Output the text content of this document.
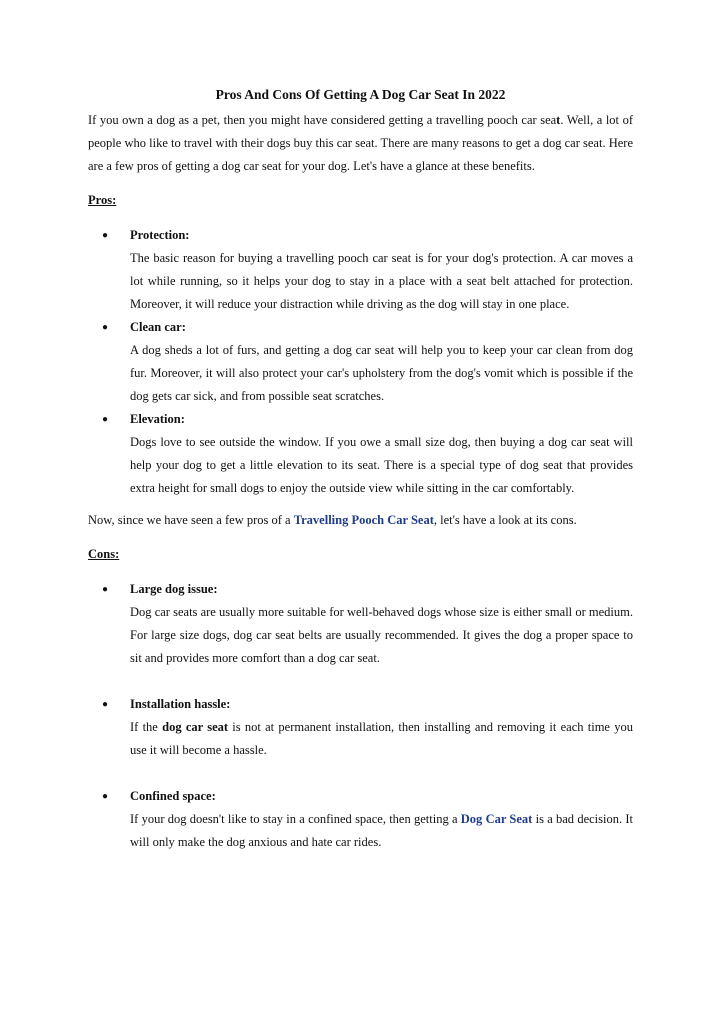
Pros And Cons Of Getting A Dog Car Seat In 2022

If you own a dog as a pet, then you might have considered getting a travelling pooch car seat. Well, a lot of people who like to travel with their dogs buy this car seat. There are many reasons to get a dog car seat. Here are a few pros of getting a dog car seat for your dog. Let's have a glance at these benefits.

Pros:
●	Protection:
The basic reason for buying a travelling pooch car seat is for your dog's protection. A car moves a lot while running, so it helps your dog to stay in a place with a seat belt attached for protection. Moreover, it will reduce your distraction while driving as the dog will stay in one place.
●	Clean car:
A dog sheds a lot of furs, and getting a dog car seat will help you to keep your car clean from dog fur. Moreover, it will also protect your car's upholstery from the dog's vomit which is possible if the dog gets car sick, and from possible seat scratches.
●	Elevation:
Dogs love to see outside the window. If you owe a small size dog, then buying a dog car seat will help your dog to get a little elevation to its seat. There is a special type of dog seat that provides extra height for small dogs to enjoy the outside view while sitting in the car comfortably.

Now, since we have seen a few pros of a Travelling Pooch Car Seat, let's have a look at its cons.

Cons:
●	Large dog issue:
Dog car seats are usually more suitable for well-behaved dogs whose size is either small or medium. For large size dogs, dog car seat belts are usually recommended. It gives the dog a proper space to sit and provides more comfort than a dog car seat.
●	Installation hassle:
If the dog car seat is not at permanent installation, then installing and removing it each time you use it will become a hassle.
●	Confined space:
If your dog doesn't like to stay in a confined space, then getting a Dog Car Seat is a bad decision. It will only make the dog anxious and hate car rides.
